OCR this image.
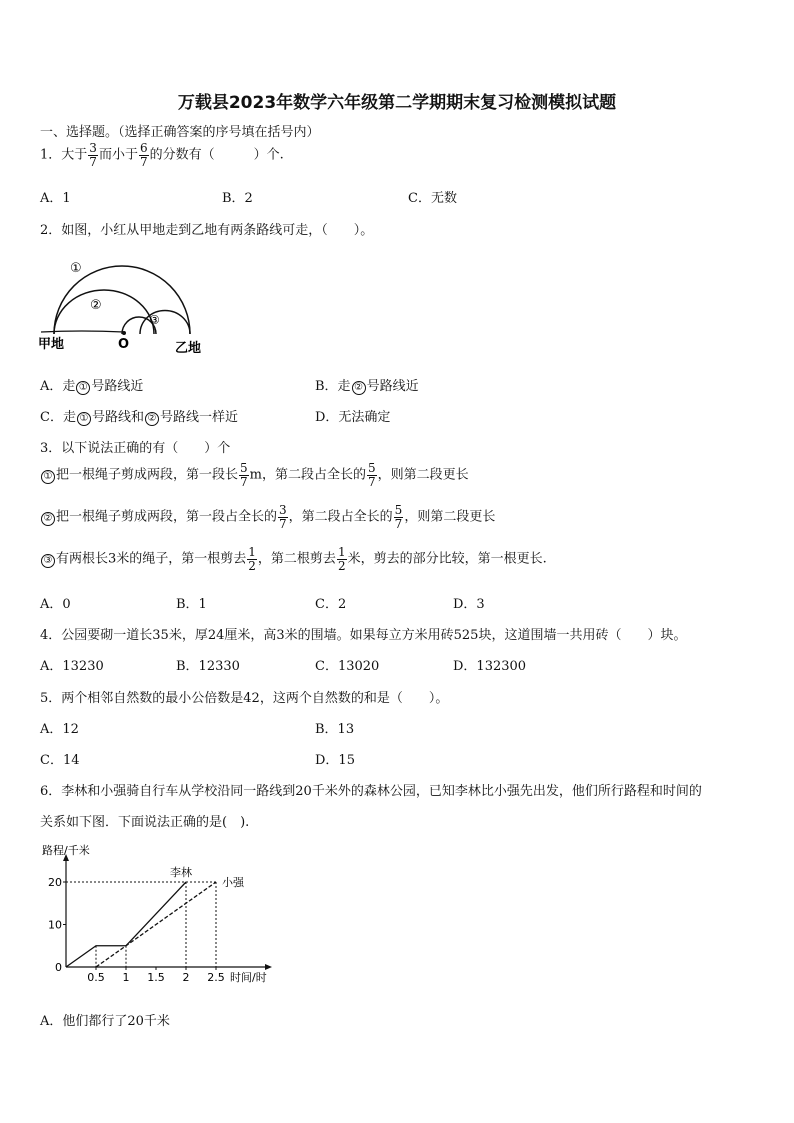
万载县2023年数学六年级第二学期期末复习检测模拟试题
一、选择题。（选择正确答案的序号填在括号内）
1．大于 $\frac{3}{7}$ 而小于 $\frac{6}{7}$ 的分数有（　　　）个.
A．1	B．2	C．无数
2．如图，小红从甲地走到乙地有两条路线可走，（　　）。
①
②
③
甲地	O	乙地
A．走 ① 号路线近	B．走 ② 号路线近
C．走 ① 号路线和 ② 号路线一样近	D．无法确定
3．以下说法正确的有（　　）个
① 把一根绳子剪成两段，第一段长 $\frac{5}{7}$ m，第二段占全长的 $\frac{5}{7}$ ，则第二段更长
② 把一根绳子剪成两段，第一段占全长的 $\frac{3}{7}$ ，第二段占全长的 $\frac{5}{7}$ ，则第二段更长
③ 有两根长3米的绳子，第一根剪去 $\frac{1}{2}$ ，第二根剪去 $\frac{1}{2}$ 米，剪去的部分比较，第一根更长.
A．0	B．1	C．2	D．3
4．公园要砌一道长35米，厚24厘米，高3米的围墙。如果每立方米用砖525块，这道围墙一共用砖（　　）块。
A．13230	B．12330	C．13020	D．132300
5．两个相邻自然数的最小公倍数是42，这两个自然数的和是（　　）。
A．12	B．13
C．14	D．15
6．李林和小强骑自行车从学校沿同一路线到20千米外的森林公园，已知李林比小强先出发，他们所行路程和时间的
关系如下图．下面说法正确的是(　).
路程/千米
时间/时
0
10
20
0.5 1 1.5 2 2.5
李林
小强
A．他们都行了20千米
